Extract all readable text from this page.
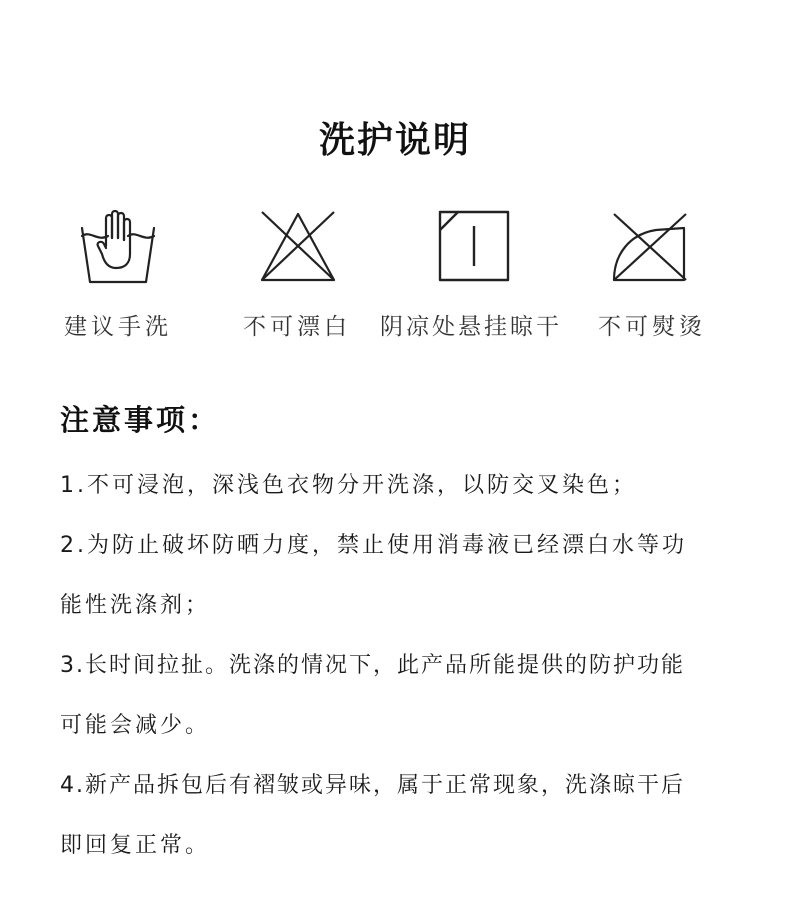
洗护说明
建议手洗	不可漂白 阴凉处悬挂晾干 不可熨烫
注意事项：
1.不可浸泡，深浅色衣物分开洗涤，以防交叉染色；
2.为防止破坏防晒力度，禁止使用消毒液已经漂白水等功
能性洗涤剂；
3.长时间拉扯。洗涤的情况下，此产品所能提供的防护功能
可能会减少。
4.新产品拆包后有褶皱或异味，属于正常现象，洗涤晾干后
即回复正常。
